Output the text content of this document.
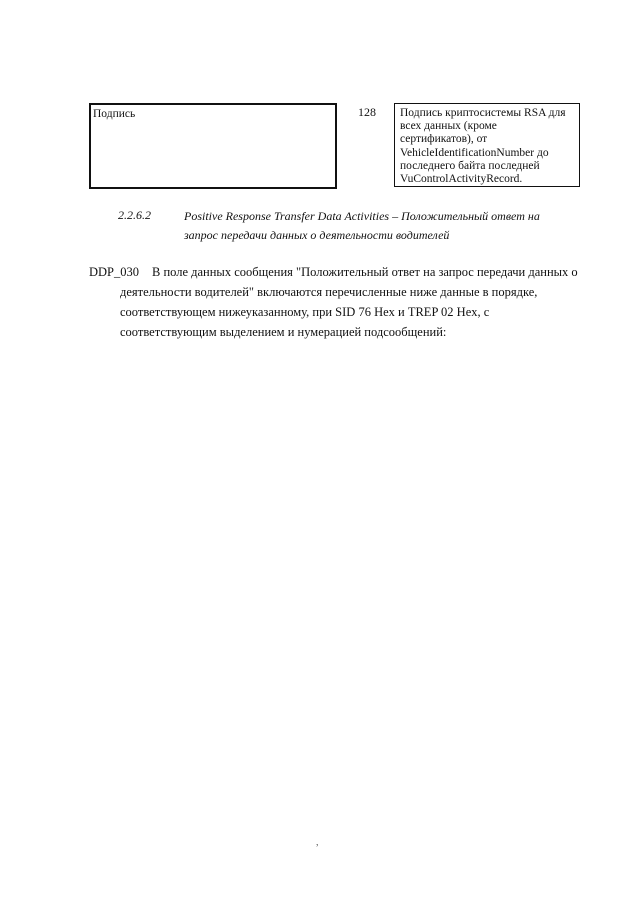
Подпись	128 Подпись криптосистемы RSA для
всех данных (кроме
сертификатов), от
VehicleIdentificationNumber до
последнего байта последней
VuControlActivityRecord.
2.2.6.2	Positive Response Transfer Data Activities – Положительный ответ на
запрос передачи данных о деятельности водителей
DDP_030 В поле данных сообщения "Положительный ответ на запрос передачи данных о
деятельности водителей" включаются перечисленные ниже данные в порядке,
соответствующем нижеуказанному, при SID 76 Hex и TREP 02 Hex, с
соответствующим выделением и нумерацией подсообщений:
,
